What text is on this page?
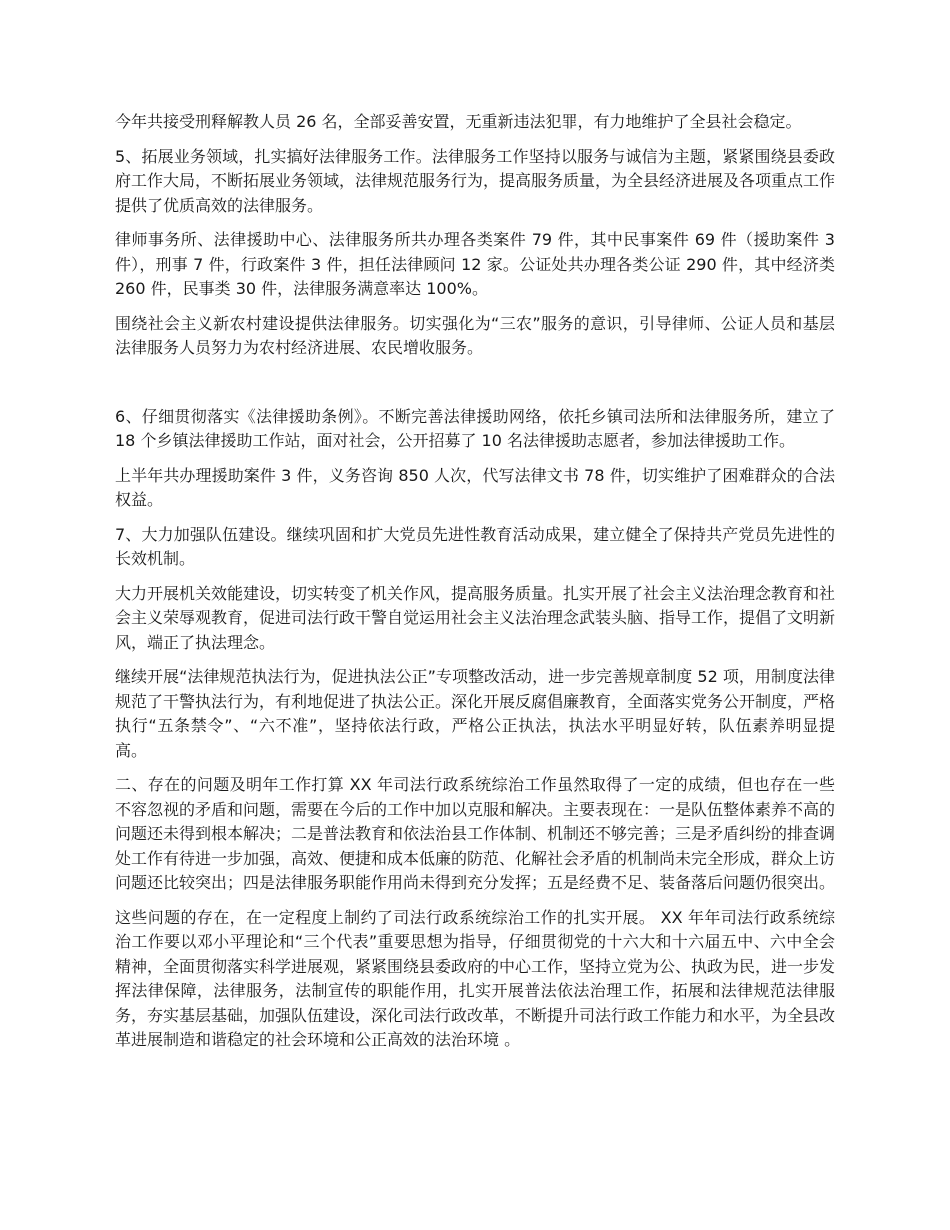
今年共接受刑释解教人员 26 名，全部妥善安置，无重新违法犯罪，有力地维护了全县社会稳定。

5、拓展业务领域，扎实搞好法律服务工作。法律服务工作坚持以服务与诚信为主题，紧紧围绕县委政府工作大局，不断拓展业务领域，法律规范服务行为，提高服务质量，为全县经济进展及各项重点工作提供了优质高效的法律服务。

律师事务所、法律援助中心、法律服务所共办理各类案件 79 件，其中民事案件 69 件（援助案件 3 件），刑事 7 件，行政案件 3 件，担任法律顾问 12 家。公证处共办理各类公证 290 件，其中经济类 260 件，民事类 30 件，法律服务满意率达 100%。

围绕社会主义新农村建设提供法律服务。切实强化为“三农”服务的意识，引导律师、公证人员和基层法律服务人员努力为农村经济进展、农民增收服务。

6、仔细贯彻落实《法律援助条例》。不断完善法律援助网络，依托乡镇司法所和法律服务所，建立了 18 个乡镇法律援助工作站，面对社会，公开招募了 10 名法律援助志愿者，参加法律援助工作。

上半年共办理援助案件 3 件，义务咨询 850 人次，代写法律文书 78 件，切实维护了困难群众的合法权益。

7、大力加强队伍建设。继续巩固和扩大党员先进性教育活动成果，建立健全了保持共产党员先进性的长效机制。

大力开展机关效能建设，切实转变了机关作风，提高服务质量。扎实开展了社会主义法治理念教育和社会主义荣辱观教育，促进司法行政干警自觉运用社会主义法治理念武装头脑、指导工作，提倡了文明新风，端正了执法理念。

继续开展“法律规范执法行为，促进执法公正”专项整改活动，进一步完善规章制度 52 项，用制度法律规范了干警执法行为，有利地促进了执法公正。深化开展反腐倡廉教育，全面落实党务公开制度，严格执行“五条禁令”、“六不准”，坚持依法行政，严格公正执法，执法水平明显好转，队伍素养明显提高。

二、存在的问题及明年工作打算 XX 年司法行政系统综治工作虽然取得了一定的成绩，但也存在一些不容忽视的矛盾和问题，需要在今后的工作中加以克服和解决。主要表现在：一是队伍整体素养不高的问题还未得到根本解决；二是普法教育和依法治县工作体制、机制还不够完善；三是矛盾纠纷的排查调处工作有待进一步加强，高效、便捷和成本低廉的防范、化解社会矛盾的机制尚未完全形成，群众上访问题还比较突出；四是法律服务职能作用尚未得到充分发挥；五是经费不足、装备落后问题仍很突出。

这些问题的存在，在一定程度上制约了司法行政系统综治工作的扎实开展。 XX 年年司法行政系统综治工作要以邓小平理论和“三个代表”重要思想为指导，仔细贯彻党的十六大和十六届五中、六中全会精神，全面贯彻落实科学进展观，紧紧围绕县委政府的中心工作，坚持立党为公、执政为民，进一步发挥法律保障，法律服务，法制宣传的职能作用，扎实开展普法依法治理工作，拓展和法律规范法律服务，夯实基层基础，加强队伍建设，深化司法行政改革，不断提升司法行政工作能力和水平，为全县改革进展制造和谐稳定的社会环境和公正高效的法治环境 。
